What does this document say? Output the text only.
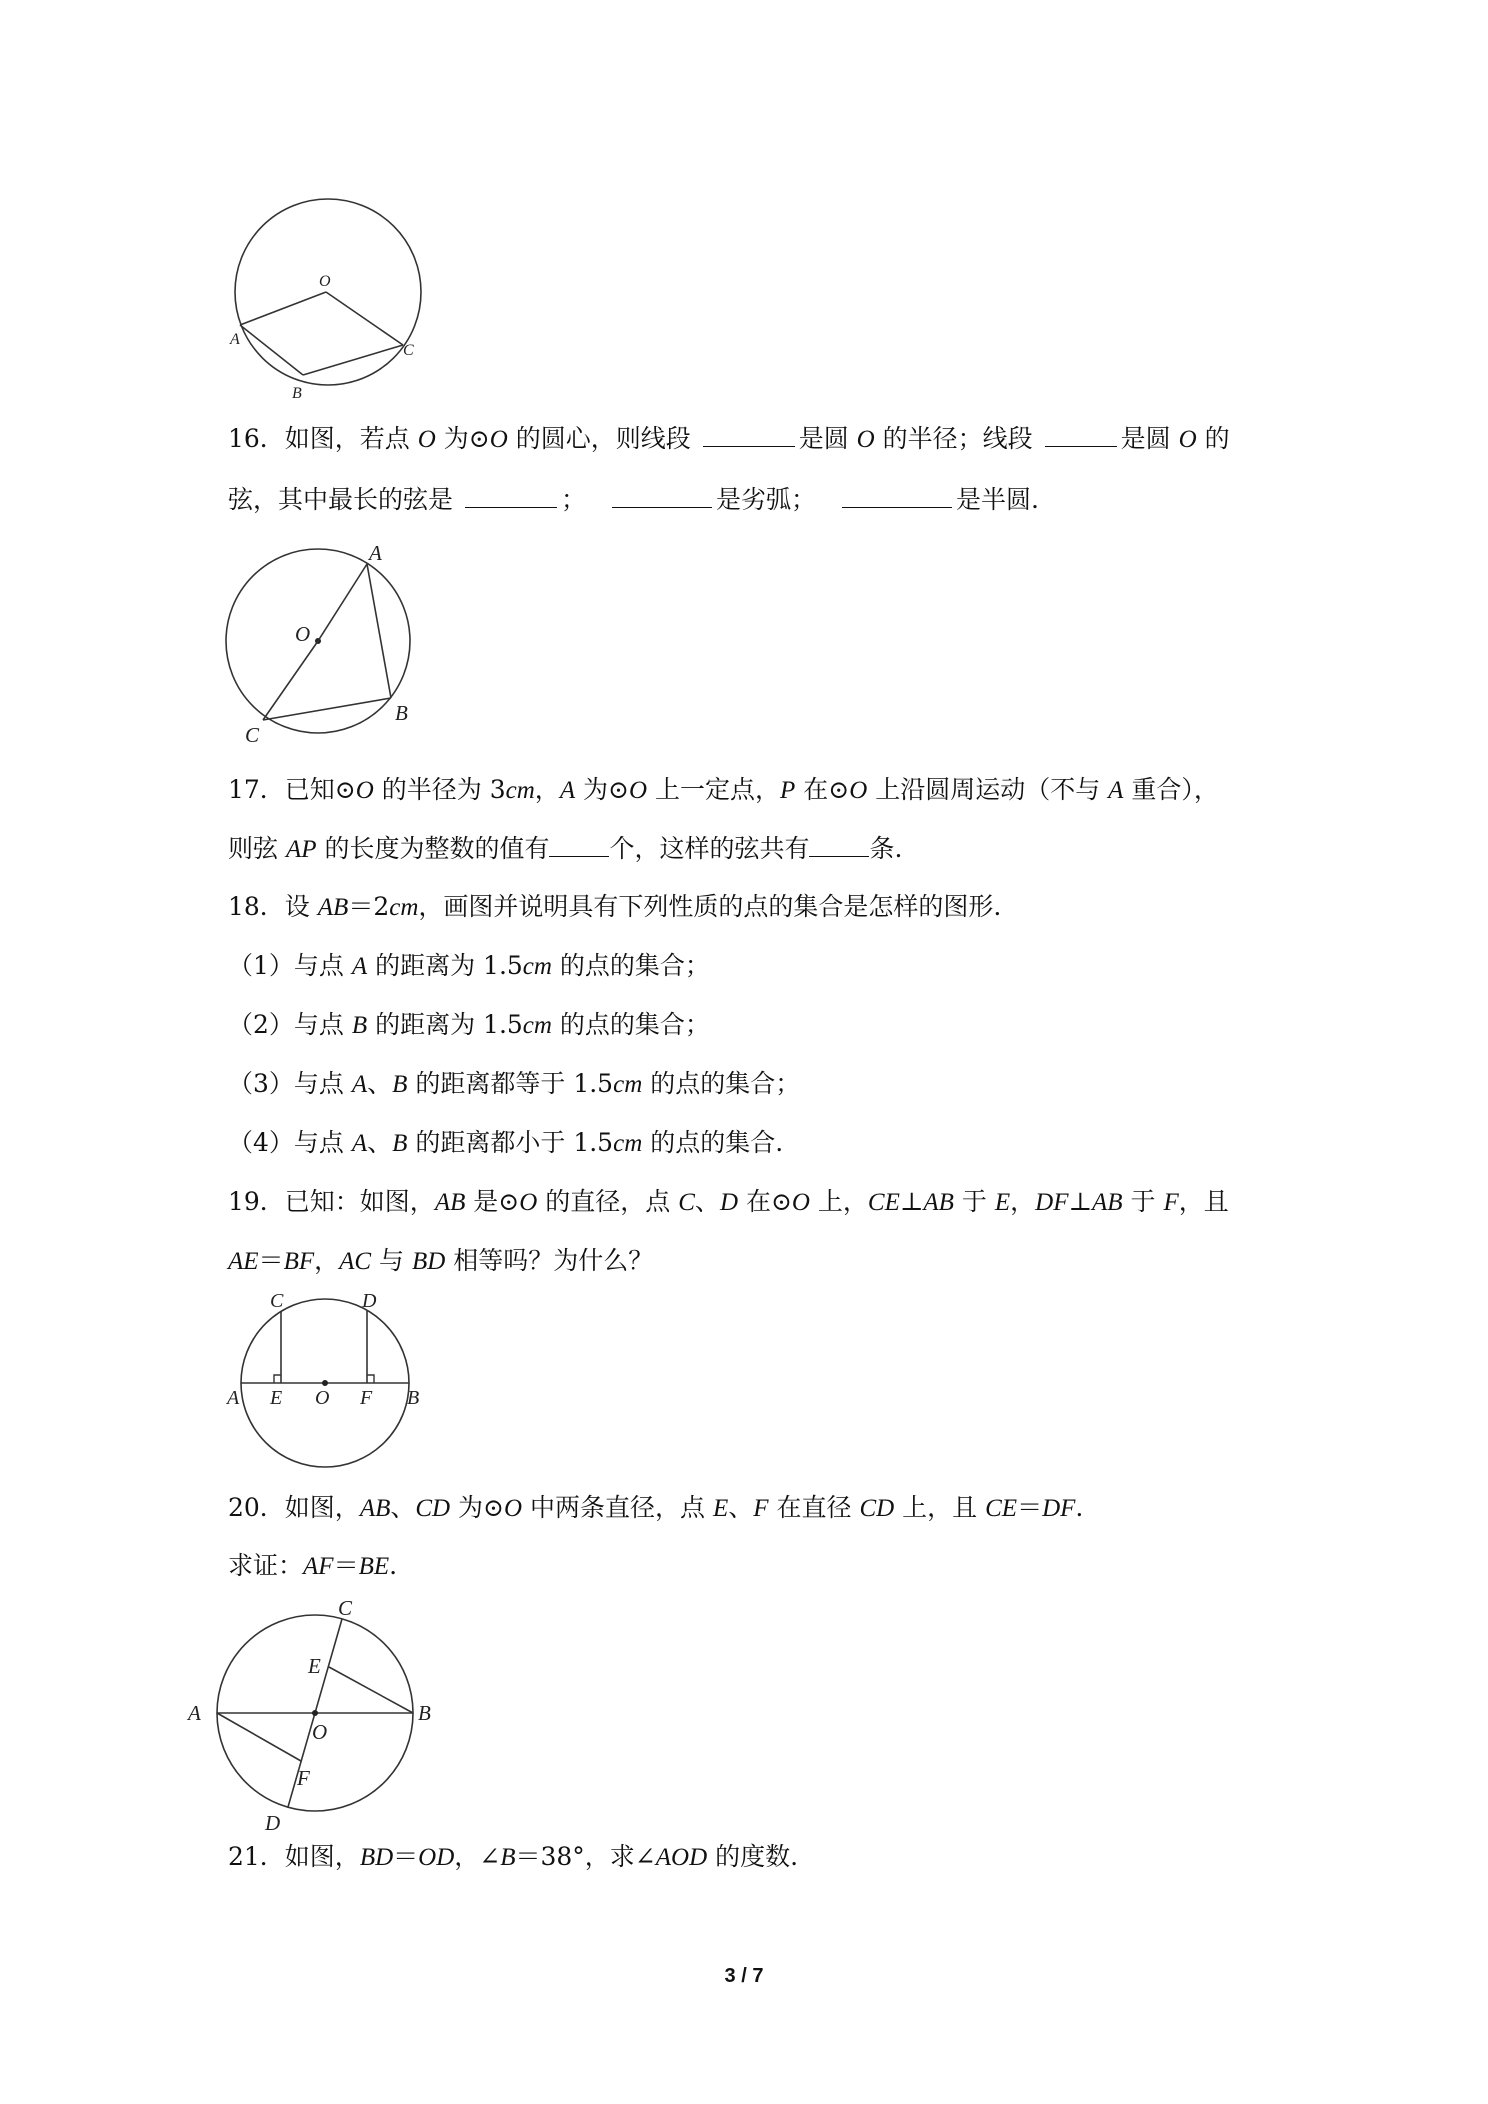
O
A
B
C
16．如图，若点 O 为⊙O 的圆心，则线段	是圆 O 的半径；线段	是圆 O 的
弦，其中最长的弦是	；	是劣弧；	是半圆.
O
A
B
C
17．已知⊙O 的半径为 3cm，A 为⊙O 上一定点，P 在⊙O 上沿圆周运动（不与 A 重合），
则弦 AP 的长度为整数的值有 个，这样的弦共有 条.
18．设 AB＝2cm，画图并说明具有下列性质的点的集合是怎样的图形.
（1）与点 A 的距离为 1.5cm 的点的集合；
（2）与点 B 的距离为 1.5cm 的点的集合；
（3）与点 A、B 的距离都等于 1.5cm 的点的集合；
（4）与点 A、B 的距离都小于 1.5cm 的点的集合.
19．已知：如图，AB 是⊙O 的直径，点 C、D 在⊙O 上，CE⊥AB 于 E，DF⊥AB 于 F，且
AE＝BF，AC 与 BD 相等吗？为什么？
C	D
A E O F B
20．如图，AB、CD 为⊙O 中两条直径，点 E、F 在直径 CD 上，且 CE＝DF.
求证：AF＝BE.
C
E
A
O
B
F
D
21．如图，BD＝OD，∠B＝38°，求∠AOD 的度数.
3 / 7
